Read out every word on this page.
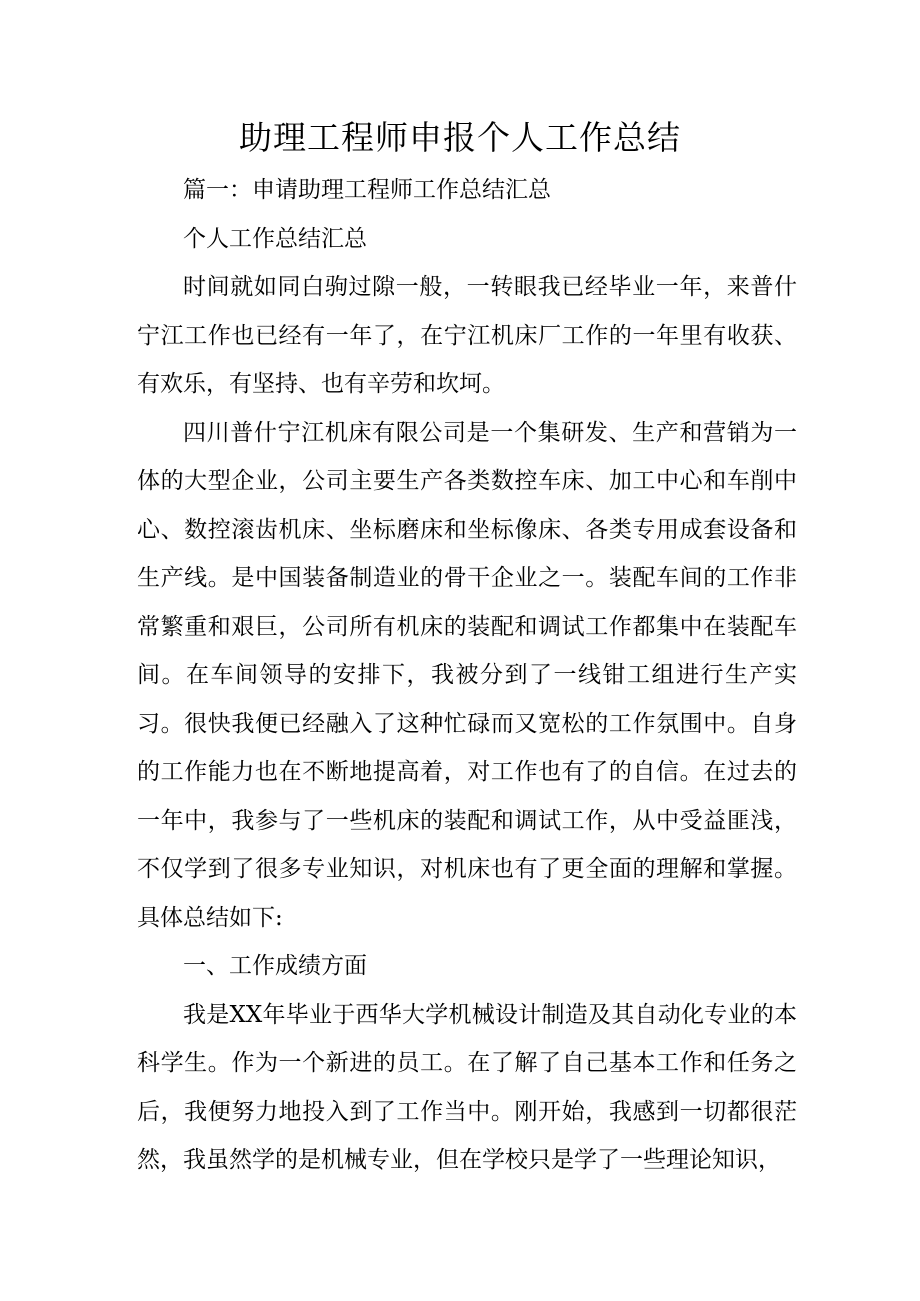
助理工程师申报个人工作总结

篇一：申请助理工程师工作总结汇总

个人工作总结汇总

时间就如同白驹过隙一般，一转眼我已经毕业一年，来普什宁江工作也已经有一年了，在宁江机床厂工作的一年里有收获、有欢乐，有坚持、也有辛劳和坎坷。

四川普什宁江机床有限公司是一个集研发、生产和营销为一体的大型企业，公司主要生产各类数控车床、加工中心和车削中心、数控滚齿机床、坐标磨床和坐标像床、各类专用成套设备和生产线。是中国装备制造业的骨干企业之一。装配车间的工作非常繁重和艰巨，公司所有机床的装配和调试工作都集中在装配车间。在车间领导的安排下，我被分到了一线钳工组进行生产实习。很快我便已经融入了这种忙碌而又宽松的工作氛围中。自身的工作能力也在不断地提高着，对工作也有了的自信。在过去的一年中，我参与了一些机床的装配和调试工作，从中受益匪浅，不仅学到了很多专业知识，对机床也有了更全面的理解和掌握。具体总结如下:

一、工作成绩方面

我是XX年毕业于西华大学机械设计制造及其自动化专业的本科学生。作为一个新进的员工。在了解了自己基本工作和任务之后，我便努力地投入到了工作当中。刚开始，我感到一切都很茫然，我虽然学的是机械专业，但在学校只是学了一些理论知识，
